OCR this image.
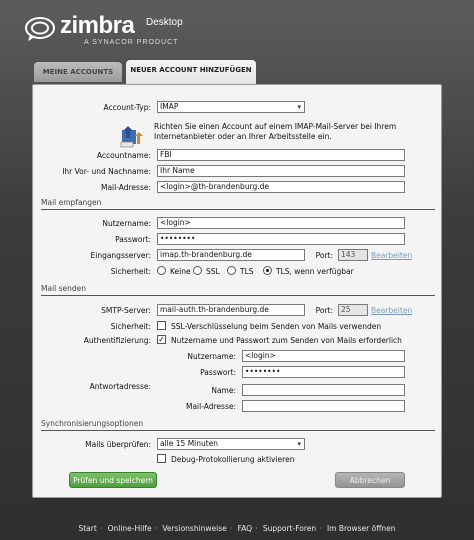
zimbra Desktop
A SYNACOR PRODUCT
MEINE ACCOUNTS	NEUER ACCOUNT HINZUFÜGEN
Account-Typ:	IMAP	▾
Richten Sie einen Account auf einem IMAP-Mail-Server bei Ihrem
Internetanbieter oder an Ihrer Arbeitsstelle ein.
Accountname:	FBI
Ihr Vor- und Nachname:	Ihr Name
Mail-Adresse:	<login>@th-brandenburg.de
Mail empfangen
Nutzername:	<login>
Passwort:	••••••••
Eingangsserver:	imap.th-brandenburg.de	Port:	143	Bearbeiten
Sicherheit:	Keine SSL	TLS	TLS, wenn verfügbar
Mail senden
SMTP-Server:	mail-auth.th-brandenburg.de	Port:	25	Bearbeiten
Sicherheit:	SSL-Verschlüsselung beim Senden von Mails verwenden
Authentifizierung: ✓ Nutzername und Passwort zum Senden von Mails erforderlich
Nutzername:	<login>
Passwort:	••••••••
Antwortadresse:	Name:
Mail-Adresse:
Synchronisierungsoptionen
Mails überprüfen:	alle 15 Minuten	▾
Debug-Protokollierung aktivieren
Prüfen und speichern	Abbrechen
Start · Online-Hilfe · Versionshinweise · FAQ · Support-Foren · Im Browser öffnen
